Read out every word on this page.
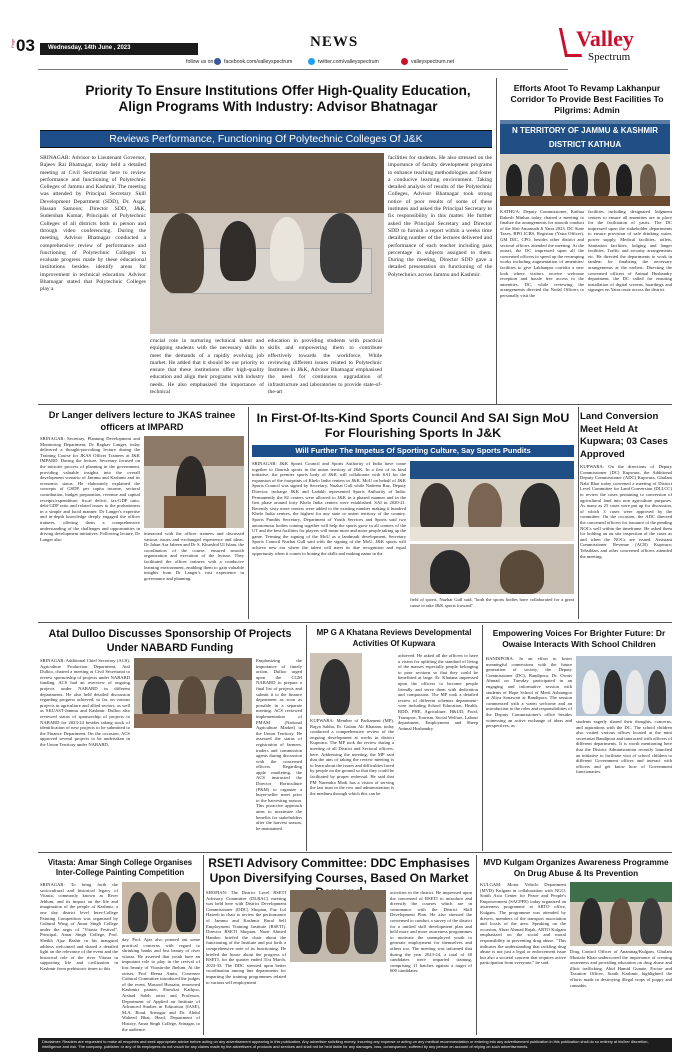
Page 03 Wednesday, 14th June , 2023	NEWS
follow us on facebook.com/valleyspectrum	twitter.com/valleyspectrum	valleyspectrum.net
Valley
Spectrum
Priority To Ensure Institutions Offer High-Quality Education, Align Programs With Industry: Advisor Bhatnagar
Reviews Performance, Functioning Of Polytechnic Colleges Of J&K
SRINAGAR: Advisor to Lieutenant Governor, Rajeev Rai Bhatnagar, today held a detailed meeting at Civil Secretariat here to review performance and functioning of Polytechnic Colleges of Jammu and Kashmir. The meeting was attended by Principal Secretary Skill Development Department (SDD), Dr. Asgar Hassan Samoon; Director SDD, J&K, Sudershan Kumar, Principals of Polytechnic Colleges of all districts both in person and through video conferencing. During the meeting, Advisor Bhatnagar conducted a comprehensive review of performance and functioning of Polytechnic Colleges to evaluate progress made by these educational institutions besides identify areas for improvement in technical education. Advisor Bhatnagar stated that Polytechnic Colleges play a
crucial role in nurturing technical talent and equipping students with the necessary skills to meet the demands of a rapidly evolving job market. He added that it should be our priority to ensure that these institutions offer high-quality education and align their programs with industry needs. He also emphasized the importance of technical
education in providing students with practical skills and empowering them to contribute effectively towards the workforce. While reviewing different issues related to Polytechnic Institutes in J&K, Advisor Bhatnagar emphasised the need for continuous upgradation of infrastructure and laboratories to provide state-of-the-art
facilities for students. He also stressed on the importance of faculty development programs to enhance teaching methodologies and foster a conducive learning environment. Taking detailed analysis of results of the Polytechnic Colleges, Advisor Bhatnagar took strong notice of poor results of some of these institutes and asked the Principal Secretary to fix responsibility in this matter. He further asked the Principal Secretary and Director SDD to furnish a report within a weeks time detailing number of the lectures delivered and performance of each teacher including pass percentage in subjects assigned to them. During the meeting, Director SDD gave a detailed presentation on functioning of the Polytechnics across Jammu and Kashmir.
Efforts Afoot To Revamp Lakhanpur Corridor To Provide Best Facilities To Pilgrims: Admin
N TERRITORY OF JAMMU & KASHMIR DISTRICT KATHUA
KATHUA: Deputy Commissioner, Kathua Rakesh Minhas today chaired a meeting to finalize the arrangements for smooth conduct of the Shri Amarnath Ji Yatra 2023. DC State Taxes, BPO ICBS, Registrar (Yatra Officer), GM DIC, CPO, besides other district and sectoral officers attended the meeting. At the outset, the DC impressed upon all the concerned officers to speed up the revamping works including augmentation of amenities/ facilities to give Lakhanpur corridor a new look where visitors receive welcome reception and hassle free access to the amenities. DC, while reviewing the arrangements directed the Nodal Officers to personally visit the
facilities including designated lodgment centers to ensure all amenities are in place for the facilitation of yatris. The DC impressed upon the stakeholder departments to ensure provision of safe drinking water, power supply, Medical facilities, toilets, Sanitation facilities, lodging and langer facilities, Traffic and security arrangements etc. He directed the departments to work in tandem for finalizing the necessary arrangements at the earliest. Directing the concerned officers of Animal Husbandry department, the DC called for ensuring installation of digital screens, hoardings and signages on Yatra route across the district.
Dr Langer delivers lecture to JKAS trainee officers at IMPARD
SRINAGAR: Secretary, Planning Development and Monitoring Department, Dr Raghav Langer, today delivered a thought-provoking lecture during the Training Course for JKAS Officer Trainees at J&K IMPARD. During the lecture, Secretary focused on the intricate process of planning in the government, providing valuable insights into the overall development scenario of Jammu and Kashmir and its economic status. He elaborately explained the concepts of GSDP, per capita income, sectoral contribution, budget preparation, revenue and capital receipts/expenditure, fiscal deficit, tax-GDP ratio, debt-GDP ratio and related issues to the probationers in a simple and lucid manner. Dr Langer's expertise and in-depth knowledge deeply engaged the officer trainees, offering them a comprehensive understanding of the challenges and opportunities in driving development initiatives. Following lecture, Dr Langer also
interacted with the officer trainees and discussed various issues and exchanged experience and ideas. Dr Jahan Ara Jabeen and Dr S. Khurshid Ul Islam, the coordinators of the course, ensured smooth organization and execution of the lecture. They facilitated the officer trainees with a conducive learning environment, enabling them to gain valuable insights from Dr Langer's vast experience in governance and planning.
In First-Of-Its-Kind Sports Council And SAI Sign MoU For Flourishing Sports In J&K
Will Further The Impetus Of Sporting Culture, Say Sports Pundits
SRINAGAR: J&K Sports Council and Sports Authority of India have come together to flourish sports in the union territory of J&K. In a first of its kind initiative, the premier sports body of J&K will collaborate with SAI for the expansion of the footprints of Khelo India centers in J&K. MoU on behalf of J&K Sports Council was signed by Secretary, Nuzhat Gull while Nadeem Raz, Deputy Director, incharge J&K and Ladakh represented Sports Authority of India. Permanently the 82 centers were allowed to J&K in a phased manner and in the first phase around forty Khelo India centers were established. SAI in 2020-21. Recently sixty more centers were added to the existing number making it hundred Khelo India centres, the highest for any state or union territory of the country. Sports Pundits Secretary, Department of Youth Services and Sports said two autonomous bodies coming together will help the sports grow in all corners of the UT and the best facilities for players will mean more and more people taking up the game. Terming the signing of the MoU as a landmark development, Secretary Sports Council Nuzhat Gull said with the signing of the MoU, J&K sports will achieve new era where the talent will meet its due recognition and equal opportunity when it comes to honing the skills and making name in the
field of sports. Nuzhat Gull said, "both the sports bodies have collaborated for a great cause to take J&K sports forward".
Land Conversion Meet Held At Kupwara; 03 Cases Approved
KUPWARA: On the directions of Deputy Commissioner (DC) Kupwara, the Additional Deputy Commissioner (ADC) Kupwara, Ghulam Nabi Bhat today convened a meeting of District Level Committee for Land Conversion (DLLCC) to review the cases pertaining to conversion of agricultural land into non agriculture purposes. As many as 25 cases were put up for discussion, of which 3 cases were approved by the committee. On the occasion, the ADC directed the concerned officers for issuance of the pending NOCs well within the timeframe. He asked them for holding an on site inspection of the cases as and when the NOCs are issued. Assistant Commissioner Revenue (ACR) Kupwara; Tehsildars and other concerned officers attended the meeting.
Atal Dulloo Discusses Sponsorship Of Projects Under NABARD Funding
SRINAGAR: Additional Chief Secretary (ACS), Agriculture Production Department, Atal Dulloo, chaired a meeting at Civil Secretariat to review sponsorship of projects under NABARD funding. ACS had an overview of ongoing projects under NABARD in different departments. He also held detailed discussion regarding progress achieved, so far, on various projects in agriculture and allied sectors, as well as SKUAST-Jammu and Kashmir. Dulloo also reviewed status of sponsorship of projects to NABARD for 2023-24 besides taking stock of identification of new projects to be submitted to the Finance Department. On the occasion, ACS approved several projects to be undertaken in the Union Territory under NABARD,
Emphasizing the importance of timely action, Dulloo urged upon the CGM NABARD to prepare a final list of projects and submit it to the finance department as soon as possible in a separate meeting. ACS reviewed implementation of PMAM (National Agriculture Market) in the Union Territory. He assessed the status of registration of farmers, traders and commission agents during discussion with the concerned officers. Regarding apple marketing, the ACS instructed the Director Horticulture (P&M) to organize a buyer-seller meet prior to the harvesting season. This proactive approach aims to maximize the benefits for stakeholders after the harvest season, he maintained.
MP G A Khatana Reviews Developmental Activities Of Kupwara
KUPWARA: Member of Parliament (MP), Rajya Sabha, Er. Gulam Ali Khatana, today conducted a comprehensive review of the ongoing development at works in district Kupwara. The MP took the review during a meeting of all District and Sectoral officers, here. Addressing the meeting, the MP said that the aim of taking the review meeting is to learn about the issues and difficulties faced by people on the ground so that they could be facilitated by proper redressal. He said that PM Narendra Modi has a vision of serving the last man in the row and administration is the medium through which this can be
achieved. He asked all the officers to have a vision for uplifting the standard of living of the masses especially people belonging to poor sections so that they could be benefitted at large. Er. Khatana impressed upon the officers to become people friendly and serve them with dedication and compassion. The MP took a detailed review of different schemes department-wise including School Education, Health, RDD, PHE, Agriculture, H&UD, Food, Transport, Tourism, Social Welfare, Labour department, Employment and Sheep Animal Husbandry.
Empowering Voices For Brighter Future: Dr Owaise Interacts With School Children
BANDIPORA: In an effort to foster meaningful connections with the future generation of society, the Deputy Commissioner (DC), Bandipora, Dr. Owais Ahmad on Tuesday participated in an engaging and informative session with students of Hope School of Merit Ashtangoo at Aliya Sonawari at Bandipora. The session commenced with a warm welcome and an introduction to the roles and responsibilities of the Deputy Commissioner's office besides witnessing an active exchange of ideas and perspectives, as
students eagerly shared their thoughts, concerns, and aspirations with the DC. The school children also visited various offices located at the mini secretariat Bandipora and interacted with officers of different departments. It is worth mentioning here that the District Administration recently launched an initiative to facilitate visit of school children to different Government offices and interact with officers and get know how of Government functionaries.
Vitasta: Amar Singh College Organises Inter-College Painting Competition
SRINAGAR: To bring forth the sociocultural and historical legacy of Vitasta, commonly known as River Jehlum, and its impact on the life and imagination of the people of Kashmir, a one day district level Inter-College Painting Competition was organised by Cultural Wing of Amar Singh College under the aegis of "Vitasta Festival". Principal, Amar Singh College, Prof. Sheikh Ajaz Bashir in his inaugural address welcomed and shared a detailed light on the relevance of the event and the historical role of the river Vitasta in supporting life and civilization in Kashmir from prehistoric times to this
day. Prof. Ajaz also pointed out some practical concerns with regard to shrinking banks and lost beauty of river vitasta. He asserted that youth have an important role to play in the revival of lost beauty of Vitasta-the Jhelum. At the outset, Prof Heena Amin, Convener Cultural Committee introduced the judges of the event, Masood Hussain, renowned Kashmiri painter, Showkat Kathjoo, Arshad Saleh artist and Professor, Department of Applied art Institute of Advanced Studies in Education (IASE), M.A. Road, Srinagar and Dr. Abdul Waheed Bhat, Head, Department of History, Amar Singh College, Srinagar, to the audience.
RSETI Advisory Committee: DDC Emphasises Upon Diversifying Courses, Based On Market
SHOPIAN: The District Level RSETI Advisory Committee (DLRAC) meeting was held here with District Development Commissioner (DDC) Shopian, Faz Lul Haseeb in chair to review the performance of Jammu and Kashmir Rural Self Employment Training Institute (RSETI). Director RSETI Shopian, Nazir Ahmed Handoo briefed the chair about the functioning of the Institute and put forth a comprehensive note of its functioning. He briefed the house about the progress of RSETI, for the quarter ended 31st March, 2023-33. The DDC stressed upon better coordination among line departments for imparting the training programmes related to various self employment
activities in the district. He impressed upon the concerned of RSETI to introduce and diversify the courses which are in consonance with the District Skill Development Plan. He also stressed the concerned to conduct a survey of the district for a unified skill development plan and held more and more awareness programmes to motivate the unemployed youth to generate employment for themselves and others too. The meeting was informed that during the year 2023-24, a total of 40 candidates were imparted training, comprising 11 batches against a target of 600 candidates.
MVD Kulgam Organizes Awareness Programme On Drug Abuse & Its Prevention
KULGAM: Motor Vehicle Department (MVD) Kulgam in collaboration with NGO, South Asia Center for Peace and People's Empowerment (SACPPE) today organized an awareness programme at ARTO office, Kulgam. The programme was attended by drivers, members of the transport association and locals of the area. Speaking on the occasion, Abrar Ahmad Rajak, ARTO Kulgam emphasized on the social and moral responsibility in preventing drug abuse. "This indicates the understanding that tackling drug abuse is not just a legal or enforcement issue but also a societal concern that requires active participation from everyone," he said.
Drug Control Officer of Anantnag/Kulgam, Ghulam Mustafa Khan underscored the importance of creating awareness and providing education on drug abuse and illicit trafficking. Abid Hamid Gunaie, Excise and Taxation Officer, South Kashmir highlighted the efforts made in destroying illegal crops of poppy and cannabis.
Disclaimer: Readers are requested to make all enquiries and seek appropriate advice before acting on any advertisement appearing in this publication. Any advertiser soliciting money, incurring any expense or acting on any medical recommendation or entering into any advertisement publication in this publication shall do so entirely at his/her discretion, intelligence and risk. The company, publisher or any of its employees do not vouch for any claims made by the advertisers of products and services and shall not be held liable for any damages, loss, consequence, suffered by any person on account of relying on such advertisements.
